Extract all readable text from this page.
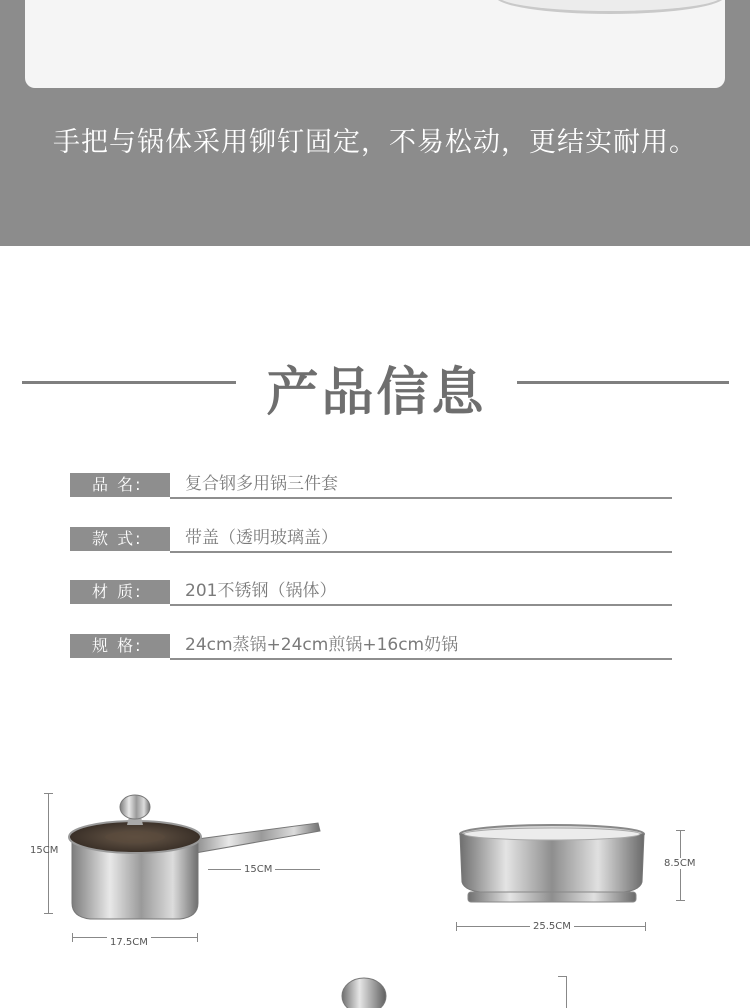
手把与锅体采用铆钉固定，不易松动，更结实耐用。
产品信息
品 名:	复合钢多用锅三件套
款 式:	带盖（透明玻璃盖）
材 质:	201不锈钢（锅体）
规 格:	24cm蒸锅+24cm煎锅+16cm奶锅
15CM
15CM
17.5CM
8.5CM
25.5CM
